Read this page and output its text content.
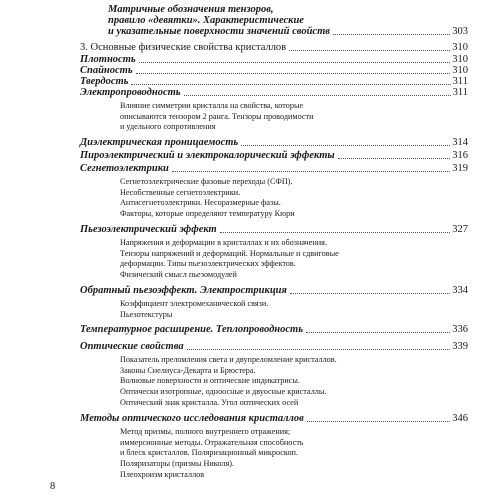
Матричные обозначения тензоров,
правило «девятки». Характеристические
и указательные поверхности значений свойств	303
3. Основные физические свойства кристаллов	310
Плотность	310
Спайность	310
Твердость	311
Электропроводность	311
Влияние симметрии кристалла на свойства, которые
описываются тензором 2 ранга. Тензоры проводимости
и удельного сопротивления
Диэлектрическая проницаемость	314
Пироэлектрический и электрокалорический эффекты	316
Сегнетоэлектрики	319
Сегнетоэлектрические фазовые переходы (СФП).
Несобственные сегнетоэлектрики.
Антисегнетоэлектрики. Несоразмерные фазы.
Факторы, которые определяют температуру Кюри
Пьезоэлектрический эффект	327
Напряжения и деформации в кристаллах и их обозначения.
Тензоры напряжений и деформаций. Нормальные и сдвиговые
деформации. Типы пьезоэлектрических эффектов.
Физический смысл пьезомодулей
Обратный пьезоэффект. Электрострикция	334
Коэффициент электромеханической связи.
Пьезотекстуры
Температурное расширение. Теплопроводность	336
Оптические свойства	339
Показатель преломления света и двупреломление кристаллов.
Законы Снелиуса-Декарта и Брюстера.
Волновые поверхности и оптические индикатрисы.
Оптически изотропные, одноосные и двуосные кристаллы.
Оптический знак кристалла. Угол оптических осей
Методы оптического исследования кристаллов	346
Метод призмы, полного внутреннего отражения;
иммерсионные методы. Отражательная способность
и блеск кристаллов. Поляризационный микроскоп.
Поляризаторы (призмы Николя).
Плеохроизм кристаллов
8
